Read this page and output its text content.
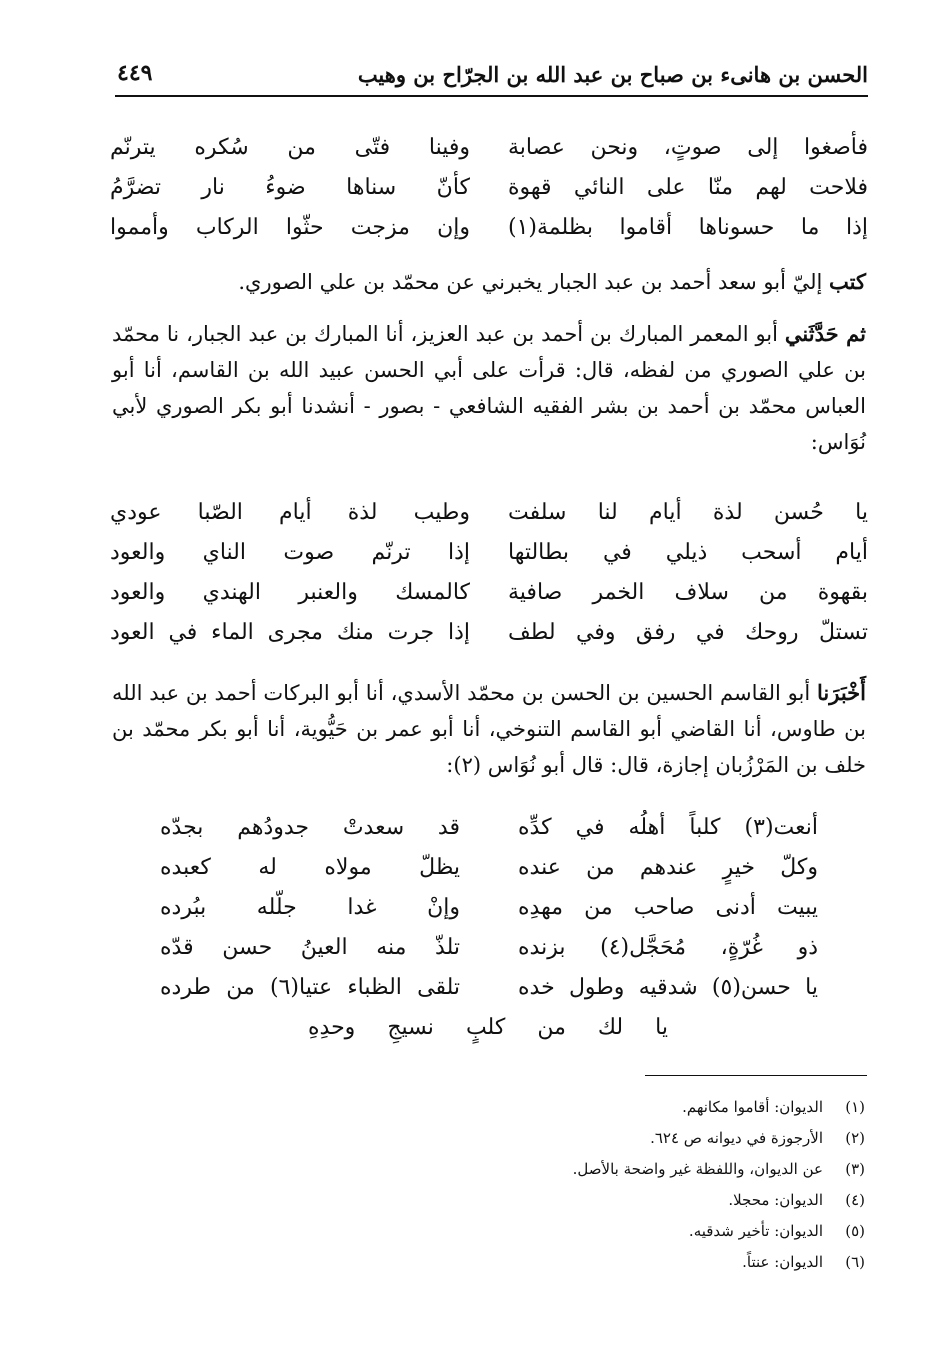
الحسن بن هانىء بن صباح بن عبد الله بن الجرّاح بن وهيب
٤٤٩
فأصغوا إلى صوتٍ، ونحن عصابة
وفينا فتّى من سُكره يترنّم
فلاحت لهم منّا على النائي قهوة
كأنّ سناها ضوءُ نار تضرَّمُ
إذا ما حسوناها أقاموا بظلمة(١)
وإن مزجت حثّوا الركاب وأمموا

كتب إليّ أبو سعد أحمد بن عبد الجبار يخبرني عن محمّد بن علي الصوري.

ثم حَدَّثَني أبو المعمر المبارك بن أحمد بن عبد العزيز، أنا المبارك بن عبد الجبار، نا محمّد بن علي الصوري من لفظه، قال: قرأت على أبي الحسن عبيد الله بن القاسم، أنا أبو العباس محمّد بن أحمد بن بشر الفقيه الشافعي - بصور - أنشدنا أبو بكر الصوري لأبي نُوَاس:

يا حُسن لذة أيام لنا سلفت
وطيب لذة أيام الصّبا عودي
أيام أسحب ذيلي في بطالتها
إذا ترنّم صوت الناي والعود
بقهوة من سلاف الخمر صافية
كالمسك والعنبر الهندي والعود
تستلّ روحك في رفق وفي لطف
إذا جرت منك مجرى الماء في العود

أَخْبَرَنا أبو القاسم الحسين بن الحسن بن محمّد الأسدي، أنا أبو البركات أحمد بن عبد الله بن طاوس، أنا القاضي أبو القاسم التنوخي، أنا أبو عمر بن حَيُّوية، أنا أبو بكر محمّد بن خلف بن المَرْزُبان إجازة، قال: قال أبو نُوَاس (٢):

أنعت(٣) كلباً أهلُه في كدِّه
قد سعدتْ جدودُهم بجدّه
وكلّ خيرٍ عندهم من عنده
يظلّ مولاه له كعبده
يبيت أدنى صاحب من مهدِه
وإنْ غدا جلّله ببُرده
ذو غُرّةٍ، مُحَجَّل(٤) بزنده
تلذّ منه العينُ حسن قدّه
يا حسن(٥) شدقيه وطول خده
تلقى الظباء عتيا(٦) من طرده
يا لك من كلبٍ نسيجِ وحدِهِ
(١)
الديوان: أقاموا مكانهم.
(٢)
الأرجوزة في ديوانه ص ٦٢٤.
(٣)
عن الديوان، واللفظة غير واضحة بالأصل.
(٤)
الديوان: محجلا.
(٥)
الديوان: تأخير شدقيه.
(٦)
الديوان: عنتاً.
